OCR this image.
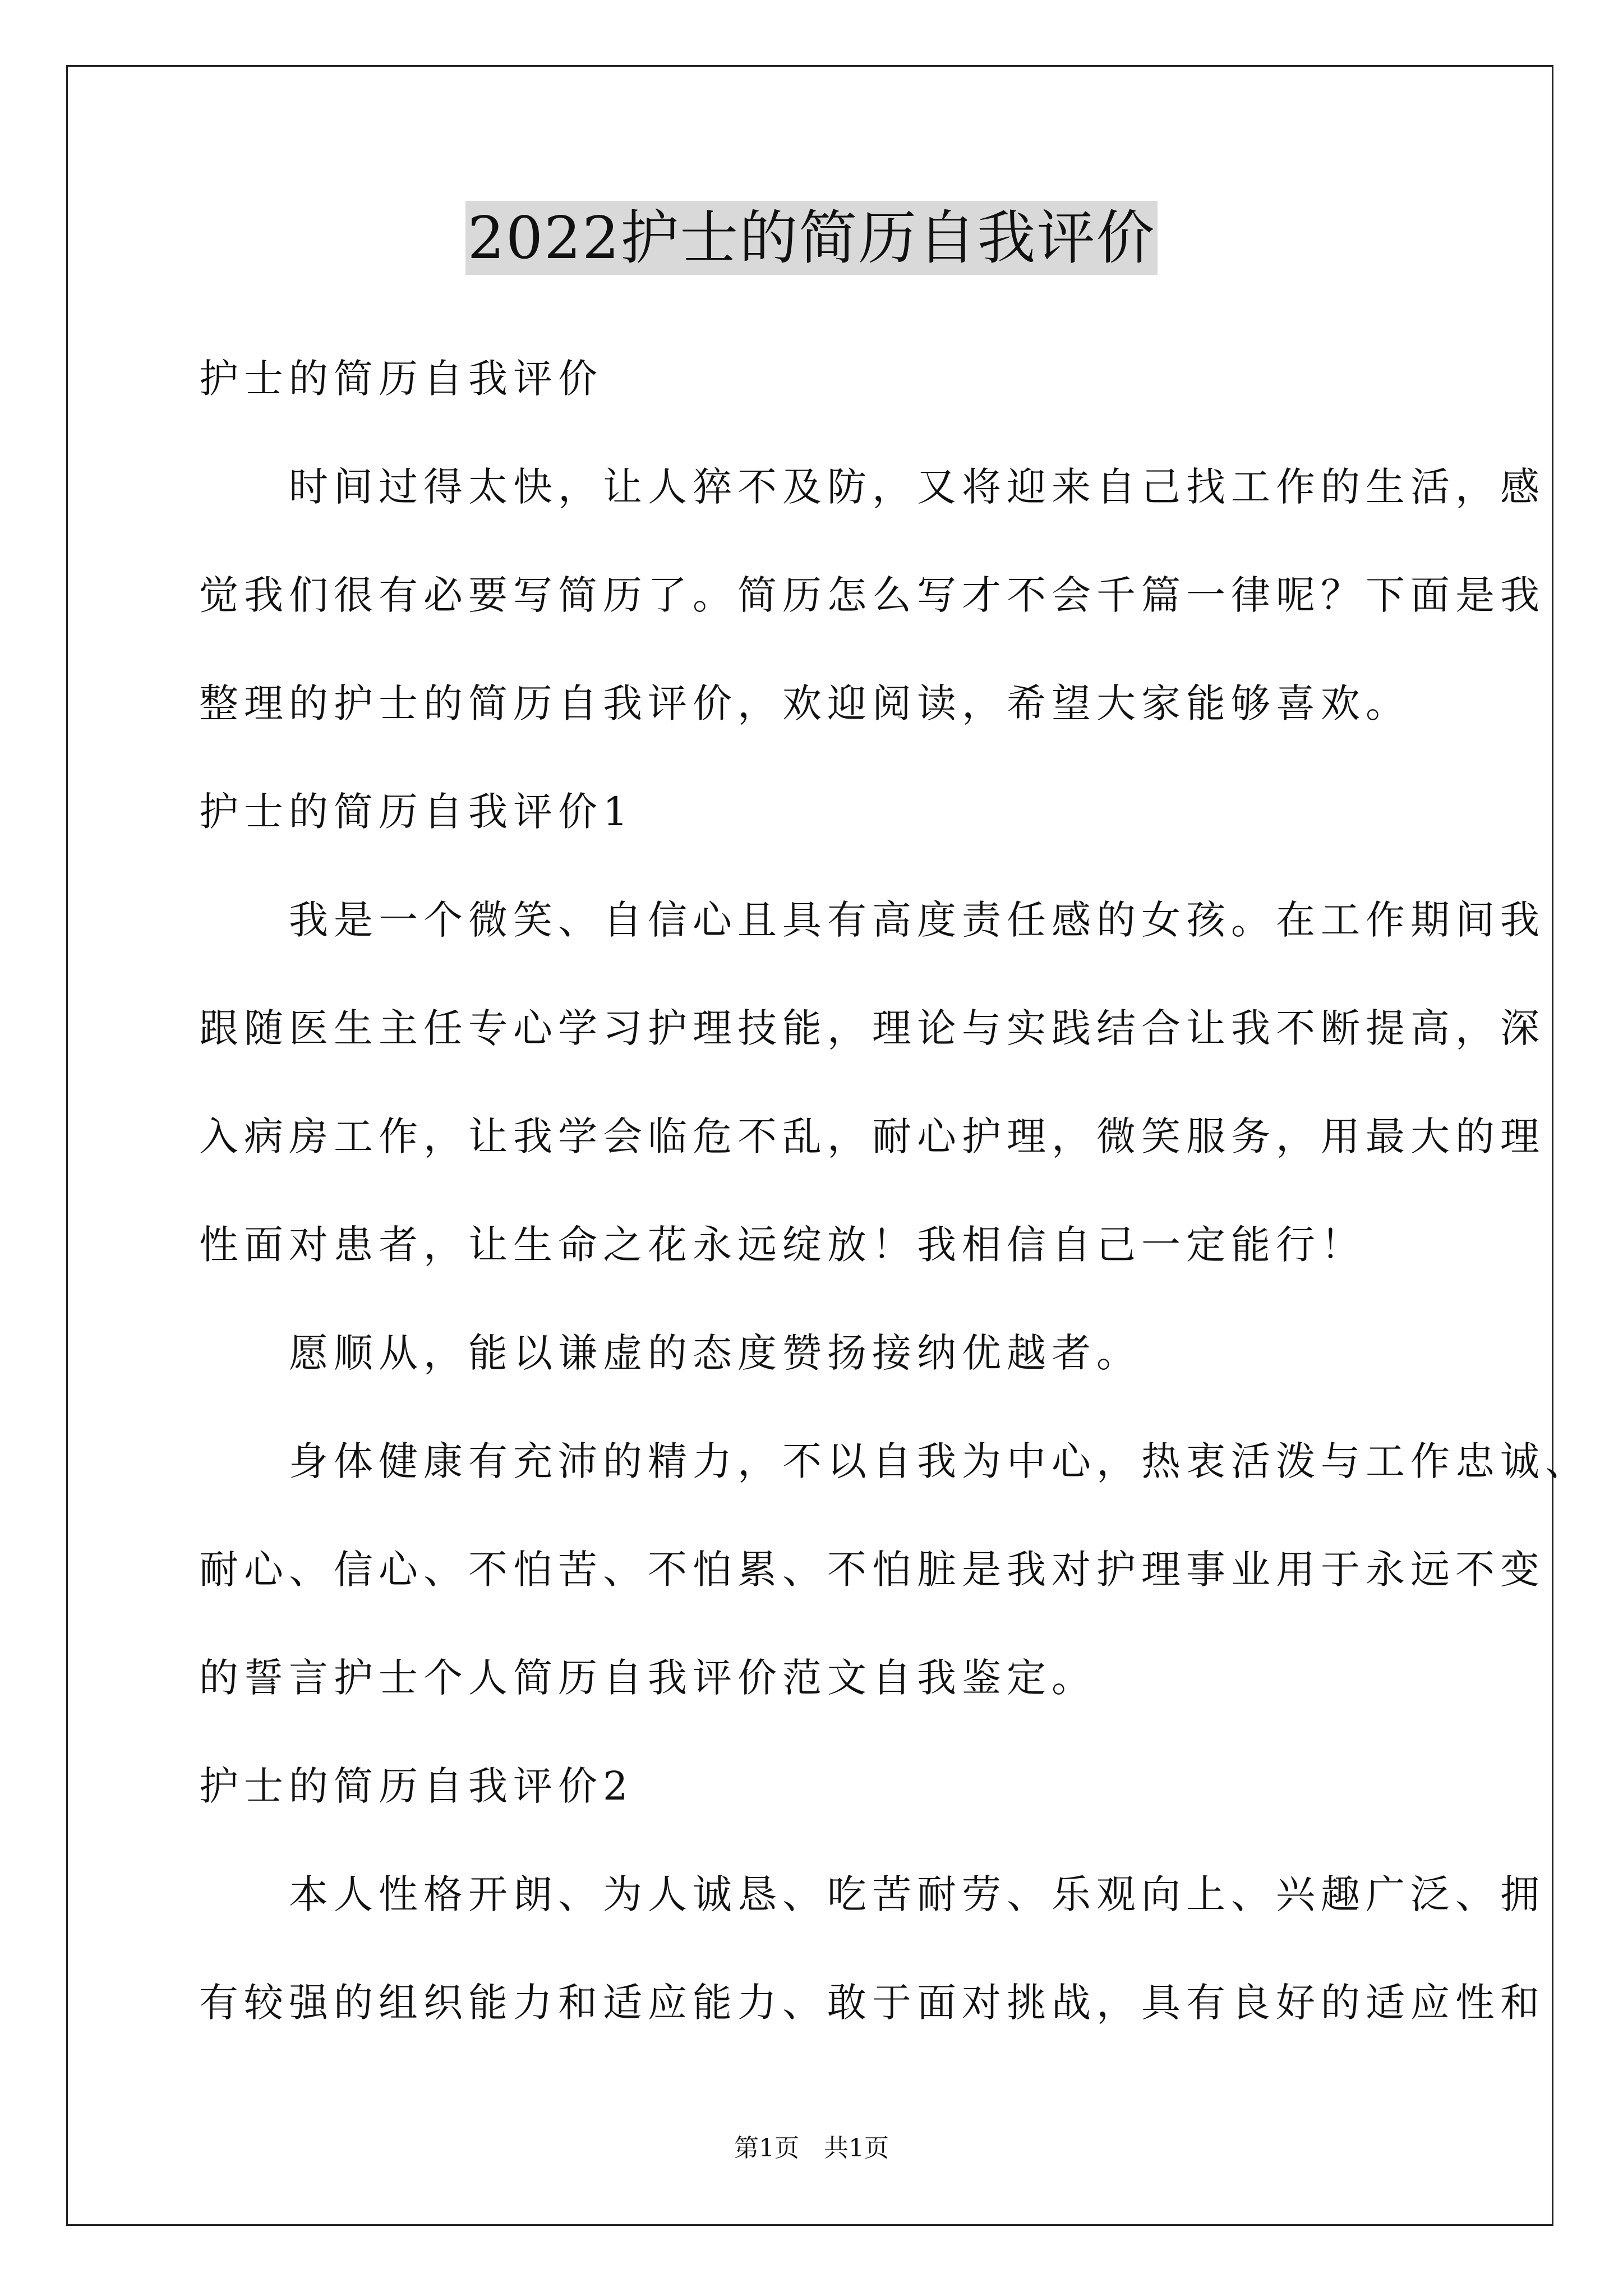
2022护士的简历自我评价
护士的简历自我评价
　　时间过得太快，让人猝不及防，又将迎来自己找工作的生活，感
觉我们很有必要写简历了。简历怎么写才不会千篇一律呢？下面是我
整理的护士的简历自我评价，欢迎阅读，希望大家能够喜欢。
护士的简历自我评价1
　　我是一个微笑、自信心且具有高度责任感的女孩。在工作期间我
跟随医生主任专心学习护理技能，理论与实践结合让我不断提高，深
入病房工作，让我学会临危不乱，耐心护理，微笑服务，用最大的理
性面对患者，让生命之花永远绽放！我相信自己一定能行！
　　愿顺从，能以谦虚的态度赞扬接纳优越者。
　　身体健康有充沛的精力，不以自我为中心，热衷活泼与工作忠诚、
耐心、信心、不怕苦、不怕累、不怕脏是我对护理事业用于永远不变
的誓言护士个人简历自我评价范文自我鉴定。
护士的简历自我评价2
　　本人性格开朗、为人诚恳、吃苦耐劳、乐观向上、兴趣广泛、拥
有较强的组织能力和适应能力、敢于面对挑战，具有良好的适应性和
第1页　共1页
